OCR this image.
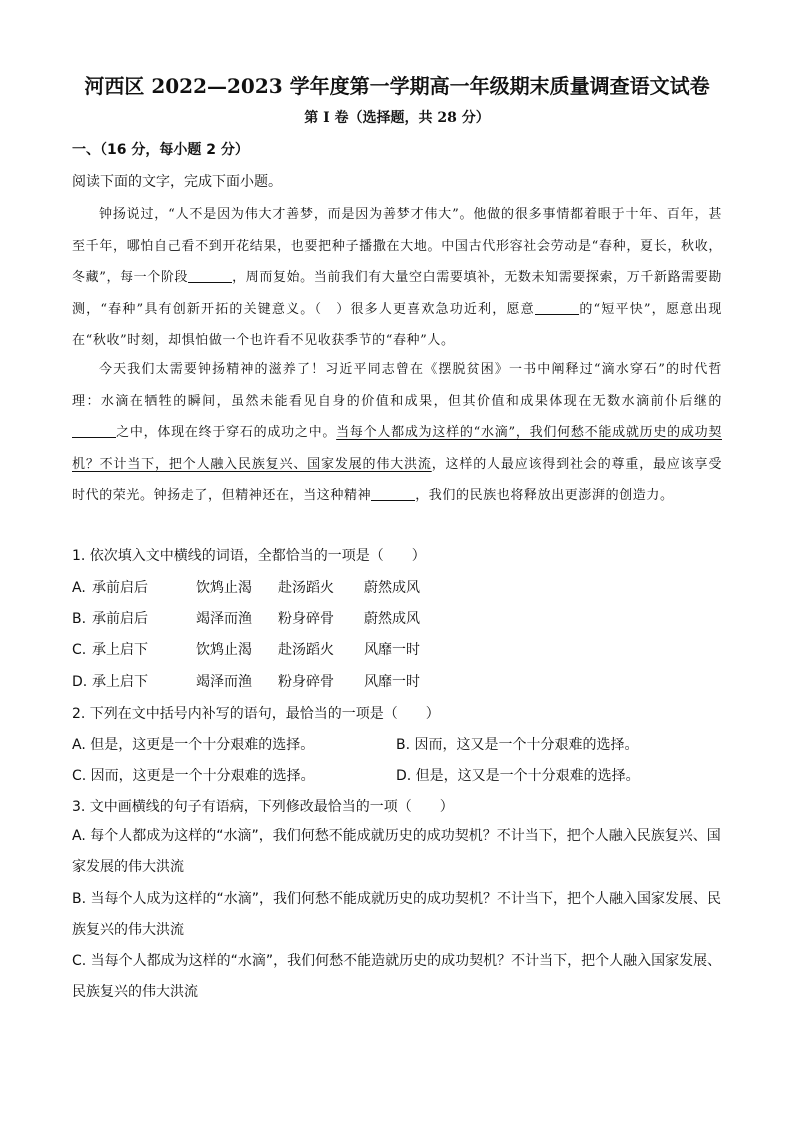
河西区 2022—2023 学年度第一学期高一年级期末质量调查语文试卷
第 I 卷（选择题，共 28 分）
一、（16 分，每小题 2 分）
阅读下面的文字，完成下面小题。
钟扬说过，“人不是因为伟大才善梦，而是因为善梦才伟大”。他做的很多事情都着眼于十年、百年，甚至千年，哪怕自己看不到开花结果，也要把种子播撒在大地。中国古代形容社会劳动是“春种，夏长，秋收，冬藏”，每一个阶段	，周而复始。当前我们有大量空白需要填补，无数未知需要探索，万千新路需要勘测，“春种”具有创新开拓的关键意义。（　）很多人更喜欢急功近利，愿意	的“短平快”，愿意出现在“秋收”时刻，却惧怕做一个也许看不见收获季节的“春种”人。
今天我们太需要钟扬精神的滋养了！习近平同志曾在《摆脱贫困》一书中阐释过“滴水穿石”的时代哲理：水滴在牺牲的瞬间，虽然未能看见自身的价值和成果，但其价值和成果体现在无数水滴前仆后继的之中，体现在终于穿石的成功之中。当每个人都成为这样的“水滴”，我们何愁不能成就历史的成功契机？不计当下，把个人融入民族复兴、国家发展的伟大洪流，这样的人最应该得到社会的尊重，最应该享受时代的荣光。钟扬走了，但精神还在，当这种精神	，我们的民族也将释放出更澎湃的创造力。
1. 依次填入文中横线的词语，全都恰当的一项是（　　）
A. 承前启后	饮鸩止渴 赴汤蹈火 蔚然成风
B. 承前启后	竭泽而渔 粉身碎骨 蔚然成风
C. 承上启下	饮鸩止渴 赴汤蹈火 风靡一时
D. 承上启下	竭泽而渔 粉身碎骨 风靡一时
2. 下列在文中括号内补写的语句，最恰当的一项是（　　）
A. 但是，这更是一个十分艰难的选择。	B. 因而，这又是一个十分艰难的选择。
C. 因而，这更是一个十分艰难的选择。	D. 但是，这又是一个十分艰难的选择。
3. 文中画横线的句子有语病，下列修改最恰当的一项（　　）
A. 每个人都成为这样的“水滴”，我们何愁不能成就历史的成功契机？不计当下，把个人融入民族复兴、国家发展的伟大洪流
B. 当每个人成为这样的“水滴”，我们何愁不能成就历史的成功契机？不计当下，把个人融入国家发展、民族复兴的伟大洪流
C. 当每个人都成为这样的“水滴”，我们何愁不能造就历史的成功契机？不计当下，把个人融入国家发展、民族复兴的伟大洪流
